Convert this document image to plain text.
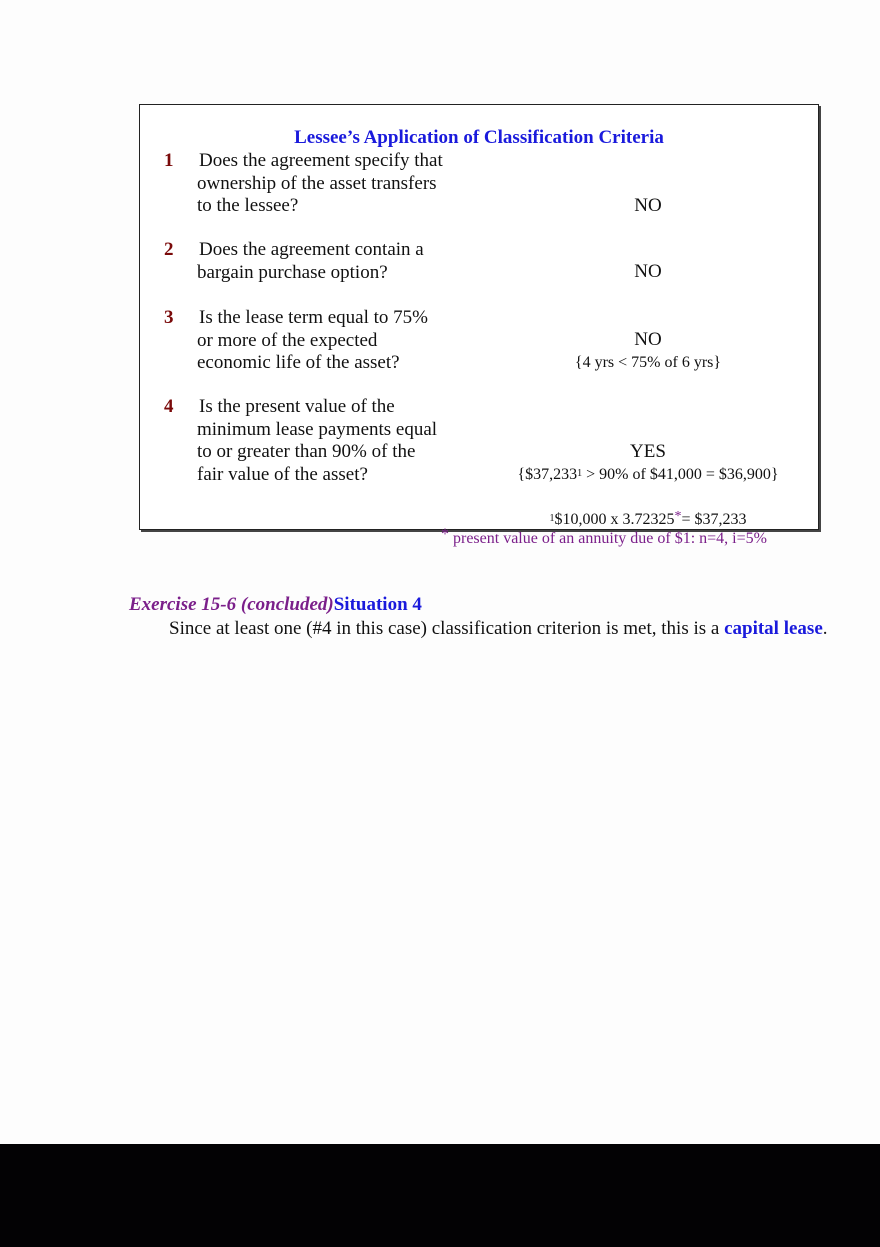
Lessee’s Application of Classification Criteria
1 Does the agreement specify that
ownership of the asset transfers
to the lessee?	NO
2 Does the agreement contain a
bargain purchase option?	NO
3 Is the lease term equal to 75%
or more of the expected
economic life of the asset?
NO
{4 yrs < 75% of 6 yrs}
4 Is the present value of the
minimum lease payments equal
to or greater than 90% of the
fair value of the asset?
YES
{$\$37,233^1 > 90\%$ of $41,000 = $36,900}
$^1$\$10,000 x 3.72325*= $37,233
* present value of an annuity due of $1: n=4, i=5%
Exercise 15-6 (concluded)Situation 4
Since at least one (#4 in this case) classification criterion is met, this is a capital lease.
